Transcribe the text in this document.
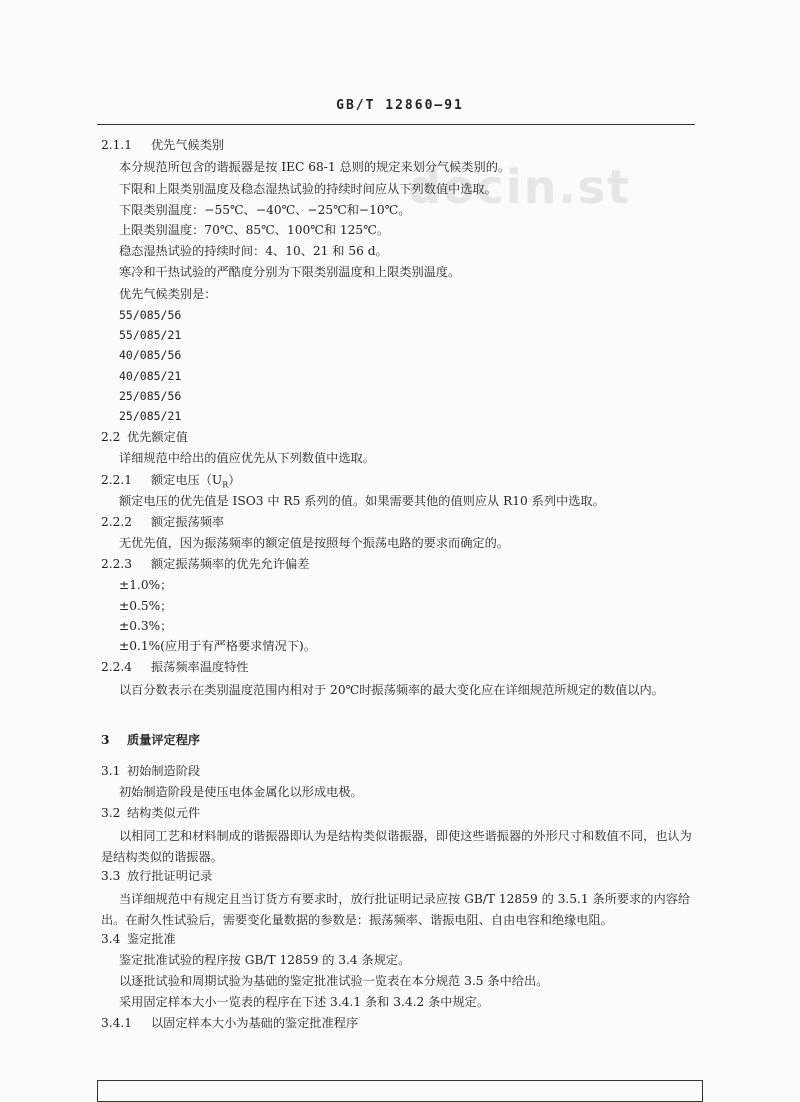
GB/T 12860—91
docin.st
2.1.1 优先气候类别
本分规范所包含的谐振器是按 IEC 68-1 总则的规定来划分气候类别的。
下限和上限类别温度及稳态湿热试验的持续时间应从下列数值中选取。
下限类别温度：−55℃、−40℃、−25℃和−10℃。
上限类别温度：70℃、85℃、100℃和 125℃。
稳态湿热试验的持续时间：4、10、21 和 56 d。
寒冷和干热试验的严酷度分别为下限类别温度和上限类别温度。
优先气候类别是：
55/085/56
55/085/21
40/085/56
40/085/21
25/085/56
25/085/21
2.2 优先额定值
详细规范中给出的值应优先从下列数值中选取。
2.2.1 额定电压$(U_R)$
额定电压的优先值是 ISO3 中 R5 系列的值。如果需要其他的值则应从 R10 系列中选取。
2.2.2 额定振荡频率
无优先值，因为振荡频率的额定值是按照每个振荡电路的要求而确定的。
2.2.3 额定振荡频率的优先允许偏差
±1.0%；
±0.5%；
±0.3%；
±0.1%(应用于有严格要求情况下)。
2.2.4 振荡频率温度特性
以百分数表示在类别温度范围内相对于 20℃时振荡频率的最大变化应在详细规范所规定的数值以内。
3 质量评定程序
3.1 初始制造阶段
初始制造阶段是使压电体金属化以形成电极。
3.2 结构类似元件
以相同工艺和材料制成的谐振器即认为是结构类似谐振器，即使这些谐振器的外形尺寸和数值不同，也认为是结构类似的谐振器。
3.3 放行批证明记录
当详细规范中有规定且当订货方有要求时，放行批证明记录应按 GB/T 12859 的 3.5.1 条所要求的内容给出。在耐久性试验后，需要变化量数据的参数是：振荡频率、谐振电阻、自由电容和绝缘电阻。
3.4 鉴定批准
鉴定批准试验的程序按 GB/T 12859 的 3.4 条规定。
以逐批试验和周期试验为基础的鉴定批准试验一览表在本分规范 3.5 条中给出。
采用固定样本大小一览表的程序在下述 3.4.1 条和 3.4.2 条中规定。
3.4.1 以固定样本大小为基础的鉴定批准程序
